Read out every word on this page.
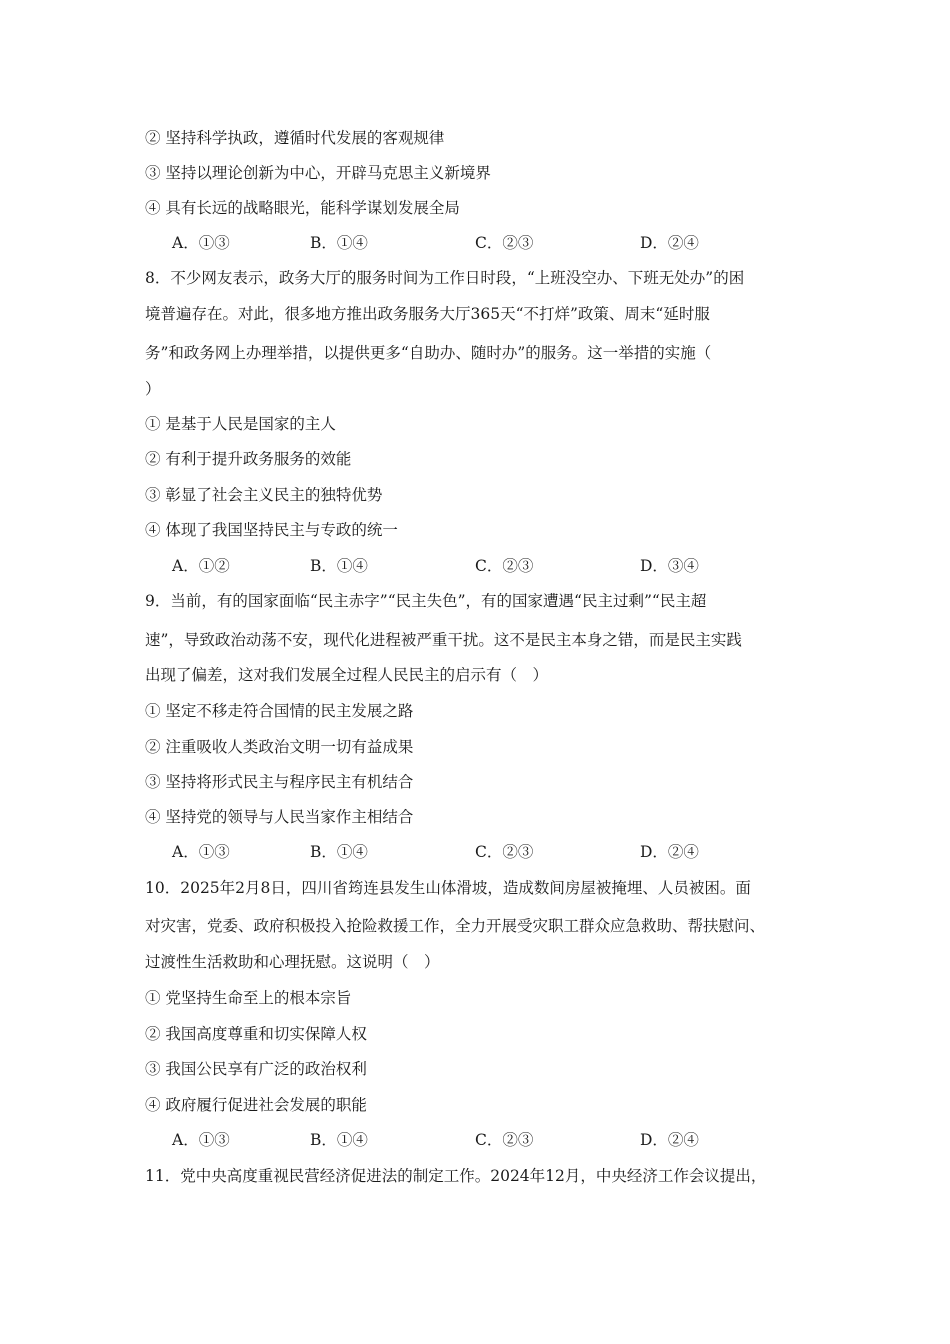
② 坚持科学执政，遵循时代发展的客观规律
③ 坚持以理论创新为中心，开辟马克思主义新境界
④ 具有长远的战略眼光，能科学谋划发展全局
A．①③	B．①④	C．②③	D．②④
8．不少网友表示，政务大厅的服务时间为工作日时段，“上班没空办、下班无处办”的困
境普遍存在。对此，很多地方推出政务服务大厅365天“不打烊”政策、周末“延时服
务”和政务网上办理举措，以提供更多“自助办、随时办”的服务。这一举措的实施（
）
① 是基于人民是国家的主人
② 有利于提升政务服务的效能
③ 彰显了社会主义民主的独特优势
④ 体现了我国坚持民主与专政的统一
A．①②	B．①④	C．②③	D．③④
9．当前，有的国家面临“民主赤字”“民主失色”，有的国家遭遇“民主过剩”“民主超
速”，导致政治动荡不安，现代化进程被严重干扰。这不是民主本身之错，而是民主实践
出现了偏差，这对我们发展全过程人民民主的启示有（　）
① 坚定不移走符合国情的民主发展之路
② 注重吸收人类政治文明一切有益成果
③ 坚持将形式民主与程序民主有机结合
④ 坚持党的领导与人民当家作主相结合
A．①③	B．①④	C．②③	D．②④
10．2025年2月8日，四川省筠连县发生山体滑坡，造成数间房屋被掩埋、人员被困。面
对灾害，党委、政府积极投入抢险救援工作，全力开展受灾职工群众应急救助、帮扶慰问、
过渡性生活救助和心理抚慰。这说明（　）
① 党坚持生命至上的根本宗旨
② 我国高度尊重和切实保障人权
③ 我国公民享有广泛的政治权利
④ 政府履行促进社会发展的职能
A．①③	B．①④	C．②③	D．②④
11．党中央高度重视民营经济促进法的制定工作。2024年12月，中央经济工作会议提出，
